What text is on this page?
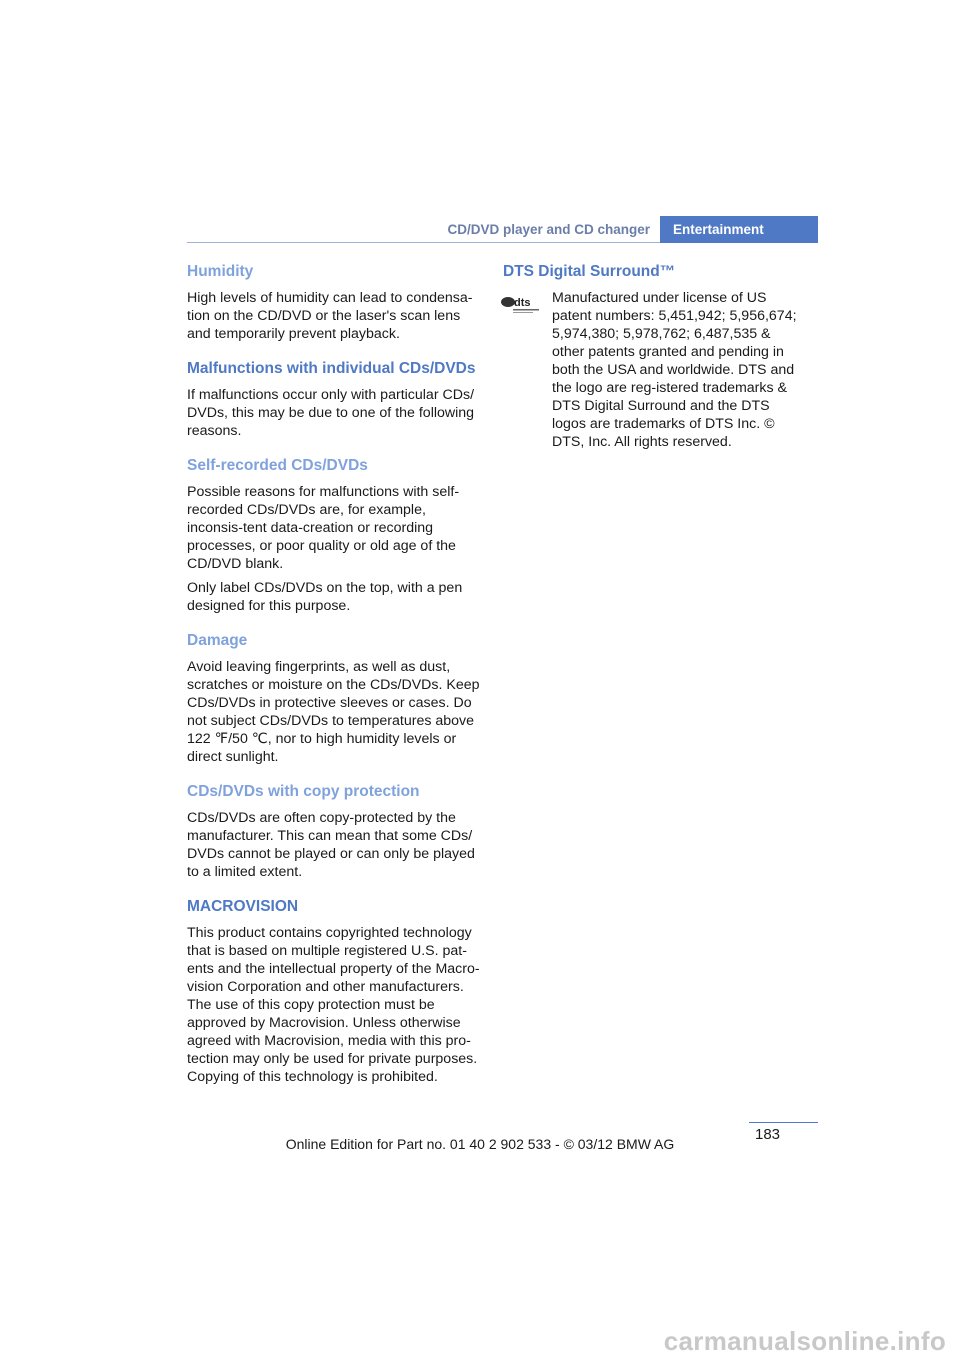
CD/DVD player and CD changer	Entertainment
Humidity

High levels of humidity can lead to condensa-tion on the CD/DVD or the laser's scan lens and temporarily prevent playback.

Malfunctions with individual CDs/DVDs

If malfunctions occur only with particular CDs/ DVDs, this may be due to one of the following reasons.

Self-recorded CDs/DVDs

Possible reasons for malfunctions with self-recorded CDs/DVDs are, for example, inconsis-tent data-creation or recording processes, or poor quality or old age of the CD/DVD blank.

Only label CDs/DVDs on the top, with a pen designed for this purpose.

Damage

Avoid leaving fingerprints, as well as dust, scratches or moisture on the CDs/DVDs. Keep CDs/DVDs in protective sleeves or cases. Do not subject CDs/DVDs to temperatures above 122 ℉/50 ℃, nor to high humidity levels or direct sunlight.

CDs/DVDs with copy protection

CDs/DVDs are often copy-protected by the manufacturer. This can mean that some CDs/ DVDs cannot be played or can only be played to a limited extent.

MACROVISION

This product contains copyrighted technology that is based on multiple registered U.S. pat-ents and the intellectual property of the Macro-vision Corporation and other manufacturers. The use of this copy protection must be approved by Macrovision. Unless otherwise agreed with Macrovision, media with this pro-tection may only be used for private purposes. Copying of this technology is prohibited.

DTS Digital Surround™
dts Manufactured under license of US patent numbers: 5,451,942; 5,956,674; 5,974,380; 5,978,762; 6,487,535 & other patents granted and pending in both the USA and worldwide. DTS and the logo are reg-istered trademarks & DTS Digital Surround and the DTS logos are trademarks of DTS Inc. © DTS, Inc. All rights reserved.

183
Online Edition for Part no. 01 40 2 902 533 - © 03/12 BMW AG
carmanualsonline.info
